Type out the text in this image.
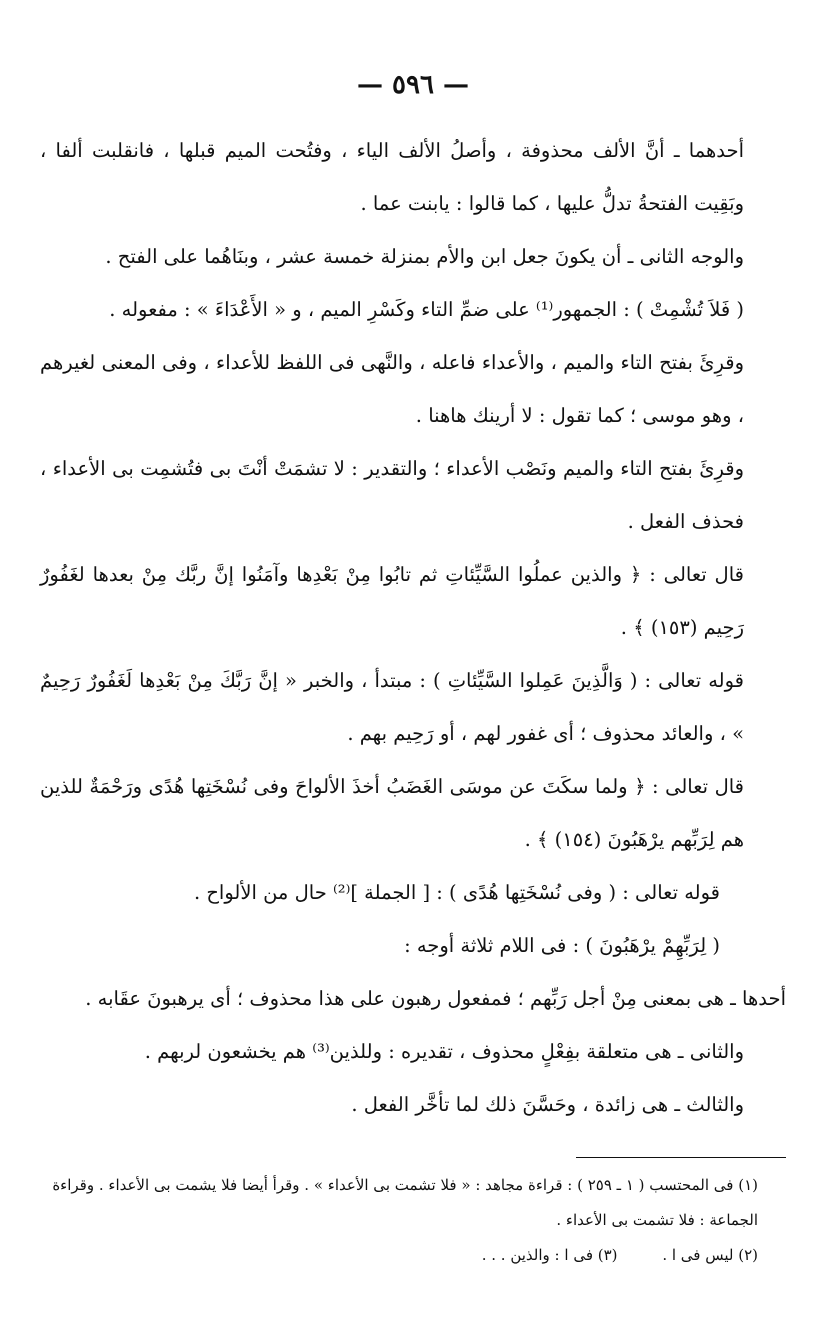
— ٥٩٦ —

أحدهما ـ أنَّ الألف محذوفة ، وأصلُ الألف الياء ، وفتُحت الميم قبلها ، فانقلبت ألفا ، وبَقِيت الفتحةُ تدلُّ عليها ، كما قالوا : يابنت عما .

والوجه الثانى ـ أن يكونَ جعل ابن والأم بمنزلة خمسة عشر ، وبنَاهُما على الفتح .

( فَلاَ تُشْمِتْ ) : الجمهور⁽¹⁾ على ضمِّ التاء وكَسْرِ الميم ، و « الأَعْدَاءَ » : مفعوله .

وقرِئَ بفتح التاء والميم ، والأعداء فاعله ، والنَّهى فى اللفظ للأعداء ، وفى المعنى لغيرهم ، وهو موسى ؛ كما تقول : لا أرينك هاهنا .

وقرِئَ بفتح التاء والميم ونَصْب الأعداء ؛ والتقدير : لا تشمَتْ أنْتَ بى فتُشمِت بى الأعداء ، فحذف الفعل .

قال تعالى : ﴿ والذين عملُوا السَّيِّئاتِ ثم تابُوا مِنْ بَعْدِها وآمَنُوا إنَّ ربَّك مِنْ بعدها لغَفُورٌ رَحِيم (١٥٣) ﴾ .

قوله تعالى : ( وَالَّذِينَ عَمِلوا السَّيِّئاتِ ) : مبتدأ ، والخبر « إنَّ رَبَّكَ مِنْ بَعْدِها لَغَفُورٌ رَحِيمٌ » ، والعائد محذوف ؛ أى غفور لهم ، أو رَحِيم بهم .

قال تعالى : ﴿ ولما سكَتَ عن موسَى الغَضَبُ أخذَ الألواحَ وفى نُسْخَتِها هُدًى ورَحْمَةٌ للذين هم لِرَبِّهم يرْهَبُونَ (١٥٤) ﴾ .

قوله تعالى : ( وفى نُسْخَتِها هُدًى ) : [ الجملة ]⁽²⁾ حال من الألواح .

( لِرَبِّهِمْ يرْهَبُونَ ) : فى اللام ثلاثة أوجه :

أحدها ـ هى بمعنى مِنْ أجل رَبِّهم ؛ فمفعول رهبون على هذا محذوف ؛ أى يرهبونَ عقَابه .

والثانى ـ هى متعلقة بفِعْلٍ محذوف ، تقديره : وللذين⁽³⁾ هم يخشعون لربهم .

والثالث ـ هى زائدة ، وحَسَّنَ ذلك لما تأخَّر الفعل .

(١) فى المحتسب ( ١ ـ ٢٥٩ ) : قراءة مجاهد : « فلا تشمت بى الأعداء » . وقرأ أيضا فلا يشمت بى الأعداء . وقراءة الجماعة : فلا تشمت بى الأعداء .

(٢) ليس فى ا . (٣) فى ا : والذين . . .
